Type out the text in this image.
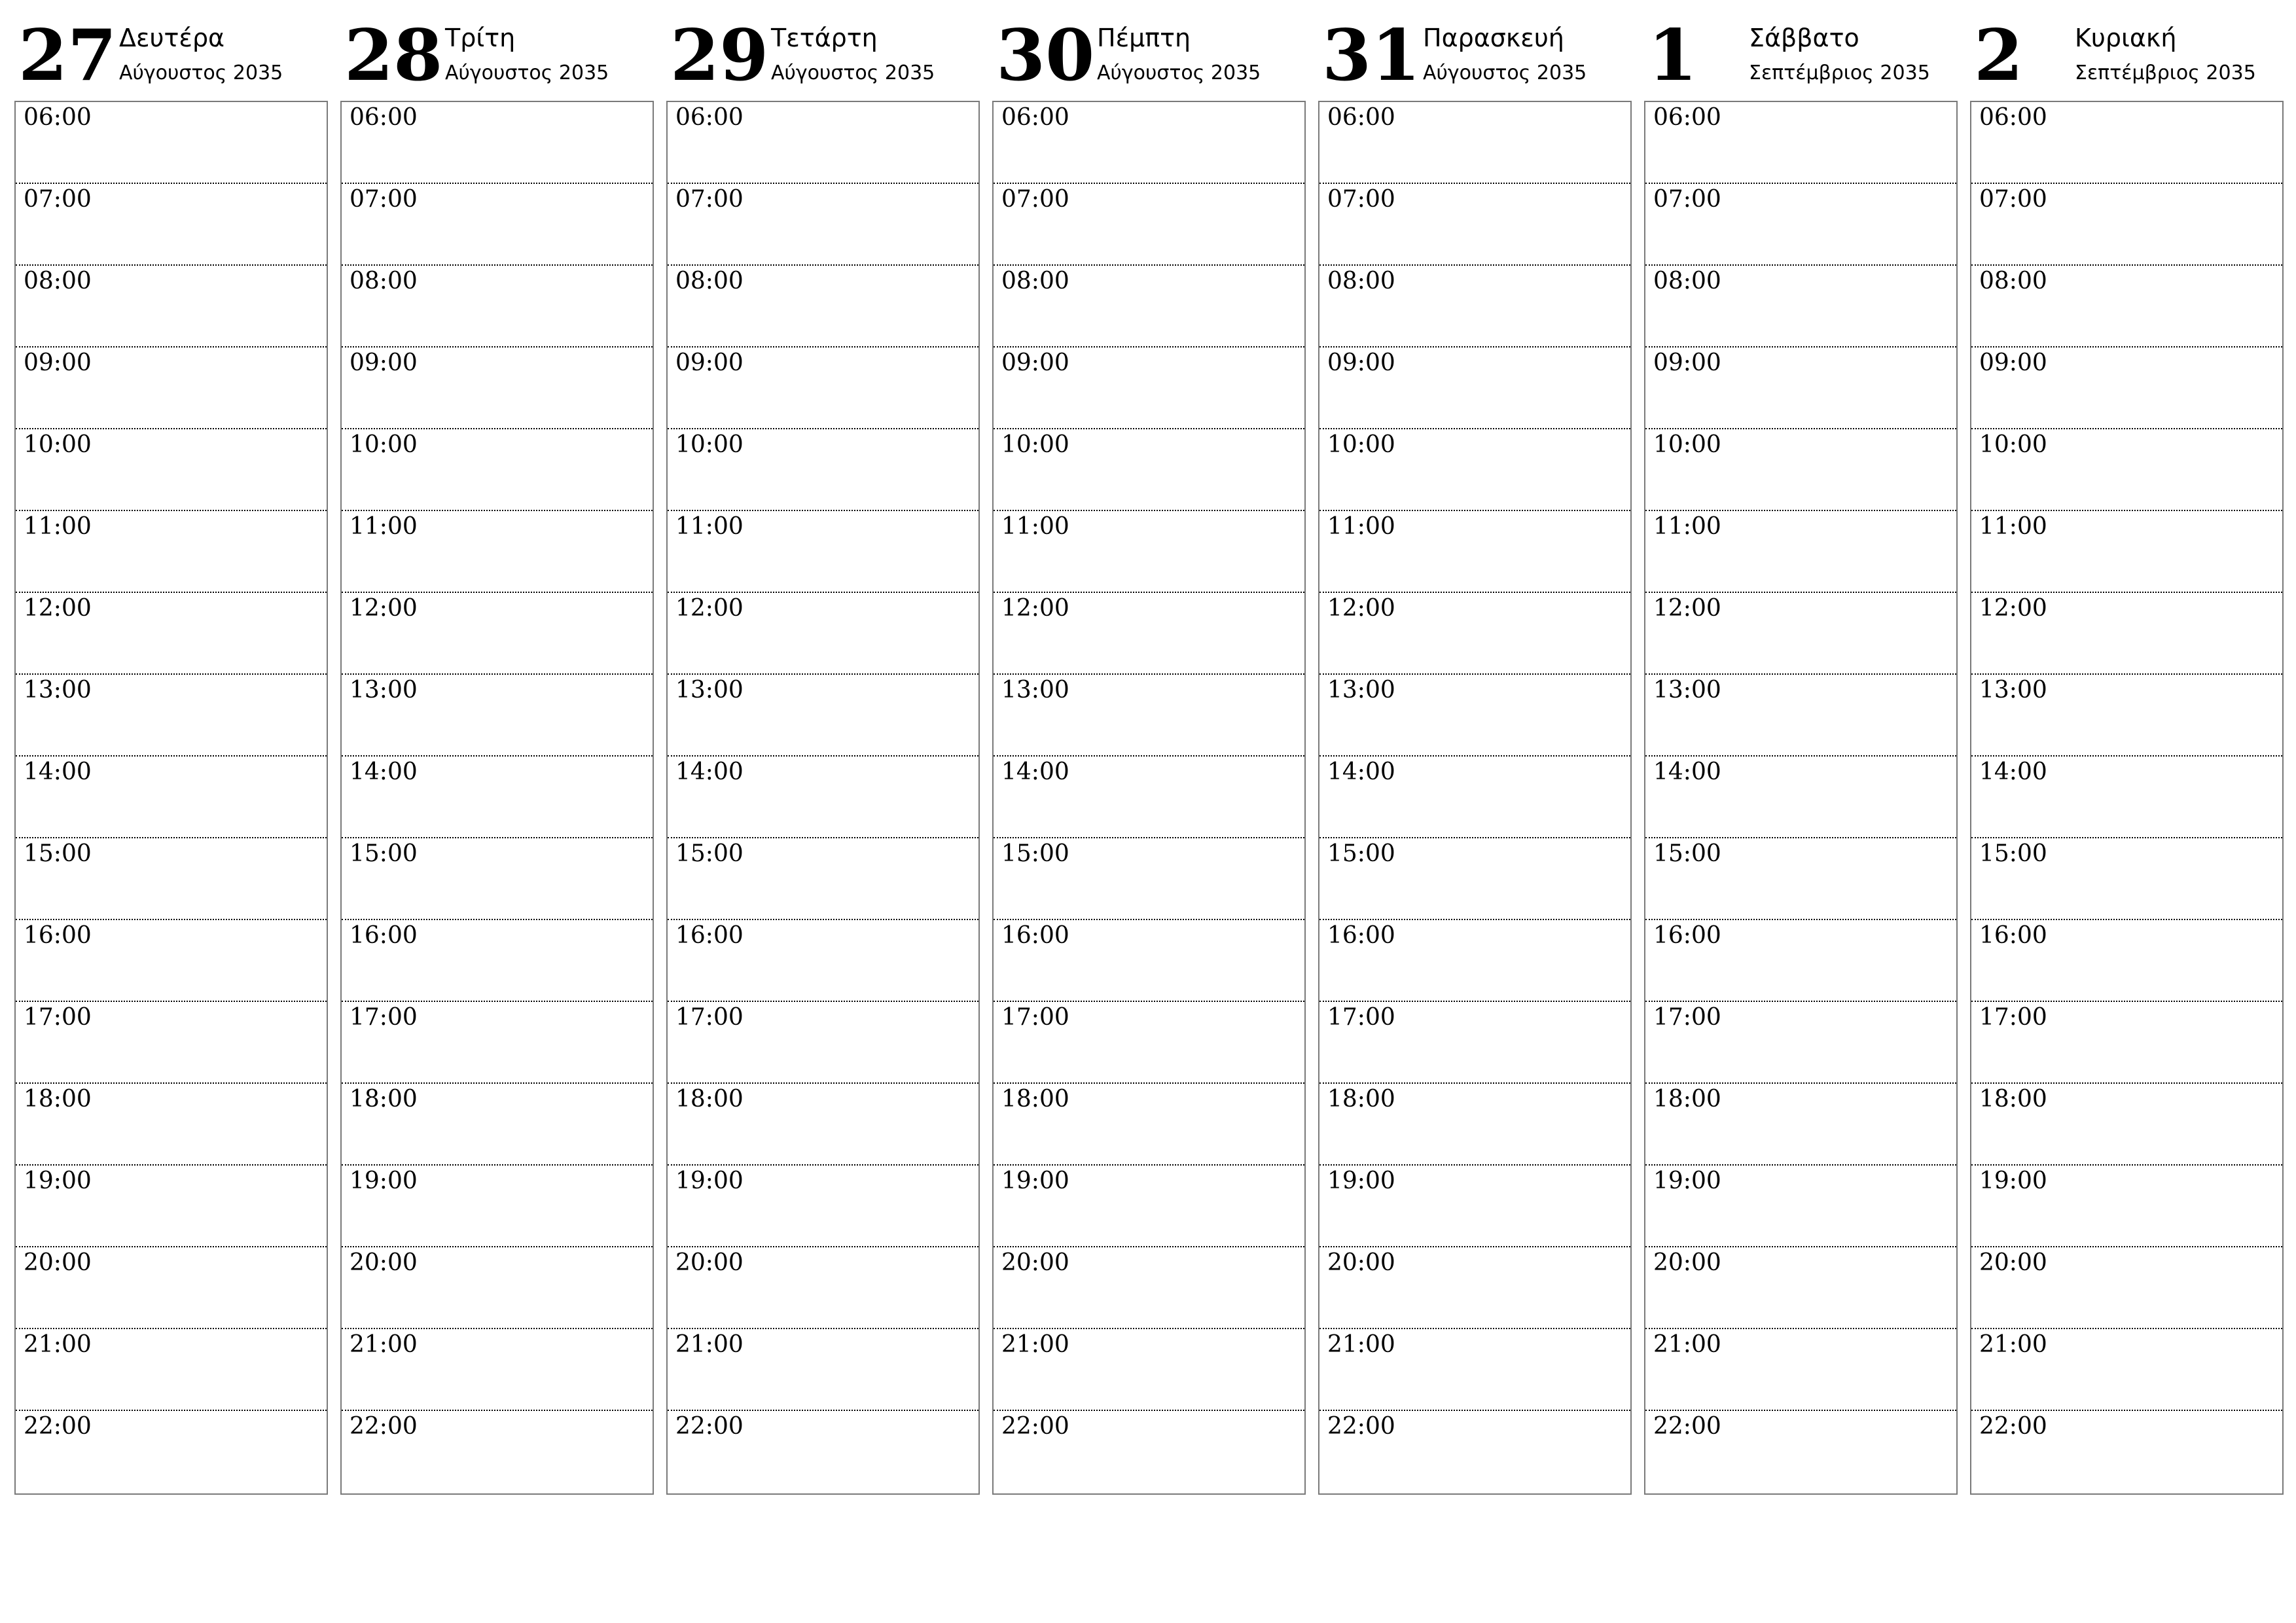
27 Δευτέρα
Αύγουστος 2035
06:00
07:00
08:00
09:00
10:00
11:00
12:00
13:00
14:00
15:00
16:00
17:00
18:00
19:00
20:00
21:00
22:00
28 Τρίτη
Αύγουστος 2035
06:00
07:00
08:00
09:00
10:00
11:00
12:00
13:00
14:00
15:00
16:00
17:00
18:00
19:00
20:00
21:00
22:00
29 Τετάρτη
Αύγουστος 2035
06:00
07:00
08:00
09:00
10:00
11:00
12:00
13:00
14:00
15:00
16:00
17:00
18:00
19:00
20:00
21:00
22:00
30 Πέμπτη
Αύγουστος 2035
06:00
07:00
08:00
09:00
10:00
11:00
12:00
13:00
14:00
15:00
16:00
17:00
18:00
19:00
20:00
21:00
22:00
31 Παρασκευή
Αύγουστος 2035
06:00
07:00
08:00
09:00
10:00
11:00
12:00
13:00
14:00
15:00
16:00
17:00
18:00
19:00
20:00
21:00
22:00
1 Σάββατο
Σεπτέμβριος 2035
06:00
07:00
08:00
09:00
10:00
11:00
12:00
13:00
14:00
15:00
16:00
17:00
18:00
19:00
20:00
21:00
22:00
2 Κυριακή
Σεπτέμβριος 2035
06:00
07:00
08:00
09:00
10:00
11:00
12:00
13:00
14:00
15:00
16:00
17:00
18:00
19:00
20:00
21:00
22:00
